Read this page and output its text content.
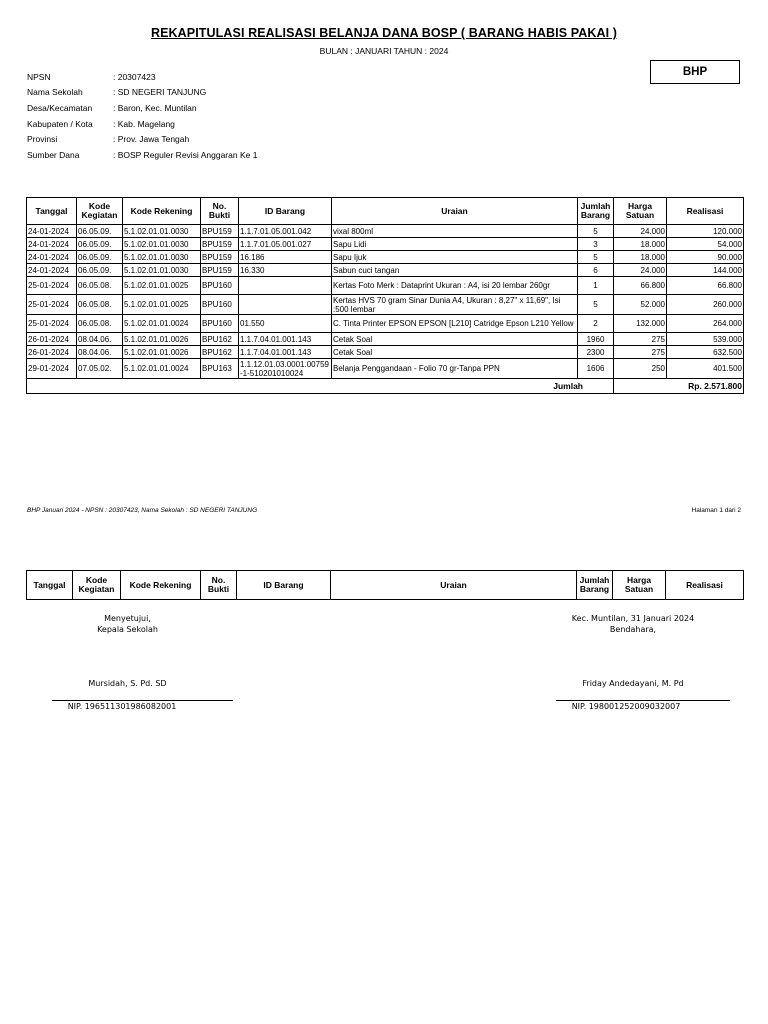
REKAPITULASI REALISASI BELANJA DANA BOSP ( BARANG HABIS PAKAI )
BULAN : JANUARI TAHUN : 2024
BHP
NPSN	: 20307423
Nama Sekolah	: SD NEGERI TANJUNG
Desa/Kecamatan	: Baron, Kec. Muntilan
Kabupaten / Kota	: Kab. Magelang
Provinsi	: Prov. Jawa Tengah
Sumber Dana	: BOSP Reguler Revisi Anggaran Ke 1
Tanggal	Kode Kegiatan	Kode Rekening	No. Bukti	ID Barang	Uraian	Jumlah Barang	Harga Satuan	Realisasi
24-01-2024	06.05.09.	5.1.02.01.01.0030	BPU159	1.1.7.01.05.001.042	vixal 800ml	5	24.000	120.000
24-01-2024	06.05.09.	5.1.02.01.01.0030	BPU159	1.1.7.01.05.001.027	Sapu Lidi	3	18.000	54.000
24-01-2024	06.05.09.	5.1.02.01.01.0030	BPU159	16.186	Sapu Ijuk	5	18.000	90.000
24-01-2024	06.05.09.	5.1.02.01.01.0030	BPU159	16.330	Sabun cuci tangan	6	24.000	144.000
25-01-2024	06.05.08.	5.1.02.01.01.0025	BPU160		Kertas Foto Merk : Dataprint Ukuran : A4, isi 20 lembar 260gr	1	66.800	66.800
25-01-2024	06.05.08.	5.1.02.01.01.0025	BPU160		Kertas HVS 70 gram Sinar Dunia A4, Ukuran : 8,27" x 11,69", Isi :500 lembar	5	52.000	260.000
25-01-2024	06.05.08.	5.1.02.01.01.0024	BPU160	01.550	C. Tinta Printer EPSON EPSON [L210] Catridge Epson L210 Yellow	2	132.000	264.000
26-01-2024	08.04.06.	5.1.02.01.01.0026	BPU162	1.1.7.04.01.001.143	Cetak Soal	1960	275	539.000
26-01-2024	08.04.06.	5.1.02.01.01.0026	BPU162	1.1.7.04.01.001.143	Cetak Soal	2300	275	632.500
29-01-2024	07.05.02.	5.1.02.01.01.0024	BPU163	1.1.12.01.03.0001.00759-1-510201010024	Belanja Penggandaan - Folio 70 gr-Tanpa PPN	1606	250	401.500
Jumlah							Rp. 2.571.800	
BHP Januari 2024 - NPSN : 20307423, Nama Sekolah : SD NEGERI TANJUNG	Halaman 1 dari 2
Tanggal	Kode Kegiatan	Kode Rekening	No. Bukti	ID Barang	Uraian	Jumlah Barang	Harga Satuan	Realisasi
Menyetujui,
Kepala Sekolah
Mursidah, S. Pd. SD
NIP. 196511301986082001
Kec. Muntilan, 31 Januari 2024
Bendahara,
Friday Andedayani, M. Pd
NIP. 198001252009032007
